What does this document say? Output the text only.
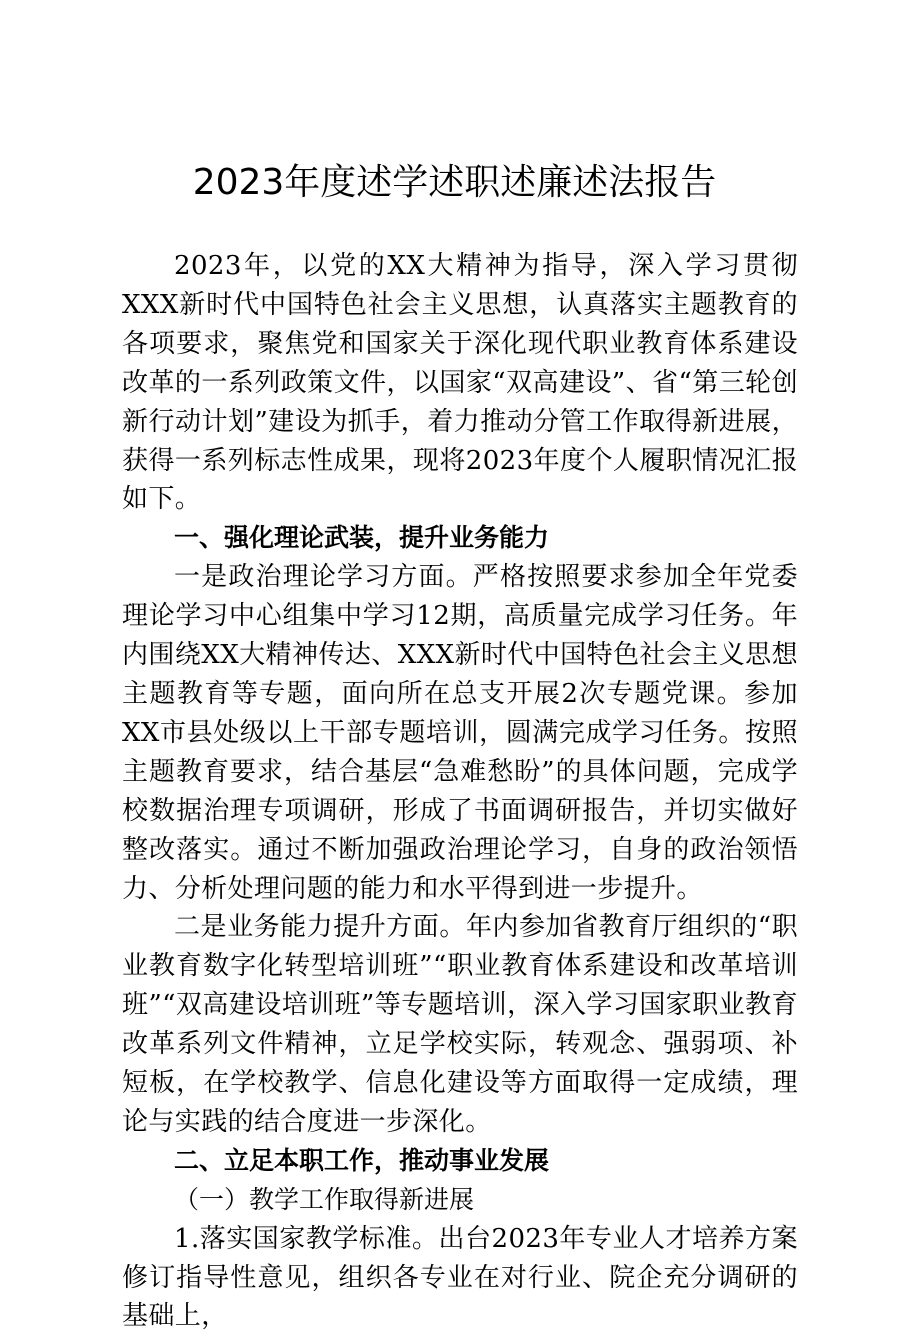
2023年度述学述职述廉述法报告

2023年，以党的XX大精神为指导，深入学习贯彻XXX新时代中国特色社会主义思想，认真落实主题教育的各项要求，聚焦党和国家关于深化现代职业教育体系建设改革的一系列政策文件，以国家“双高建设”、省“第三轮创新行动计划”建设为抓手，着力推动分管工作取得新进展，获得一系列标志性成果，现将2023年度个人履职情况汇报如下。

一、强化理论武装，提升业务能力

一是政治理论学习方面。严格按照要求参加全年党委理论学习中心组集中学习12期，高质量完成学习任务。年内围绕XX大精神传达、XXX新时代中国特色社会主义思想主题教育等专题，面向所在总支开展2次专题党课。参加XX市县处级以上干部专题培训，圆满完成学习任务。按照主题教育要求，结合基层“急难愁盼”的具体问题，完成学校数据治理专项调研，形成了书面调研报告，并切实做好整改落实。通过不断加强政治理论学习，自身的政治领悟力、分析处理问题的能力和水平得到进一步提升。

二是业务能力提升方面。年内参加省教育厅组织的“职业教育数字化转型培训班”“职业教育体系建设和改革培训班”“双高建设培训班”等专题培训，深入学习国家职业教育改革系列文件精神，立足学校实际，转观念、强弱项、补短板，在学校教学、信息化建设等方面取得一定成绩，理论与实践的结合度进一步深化。

二、立足本职工作，推动事业发展

（一）教学工作取得新进展

1.落实国家教学标准。出台2023年专业人才培养方案修订指导性意见，组织各专业在对行业、院企充分调研的基础上，
